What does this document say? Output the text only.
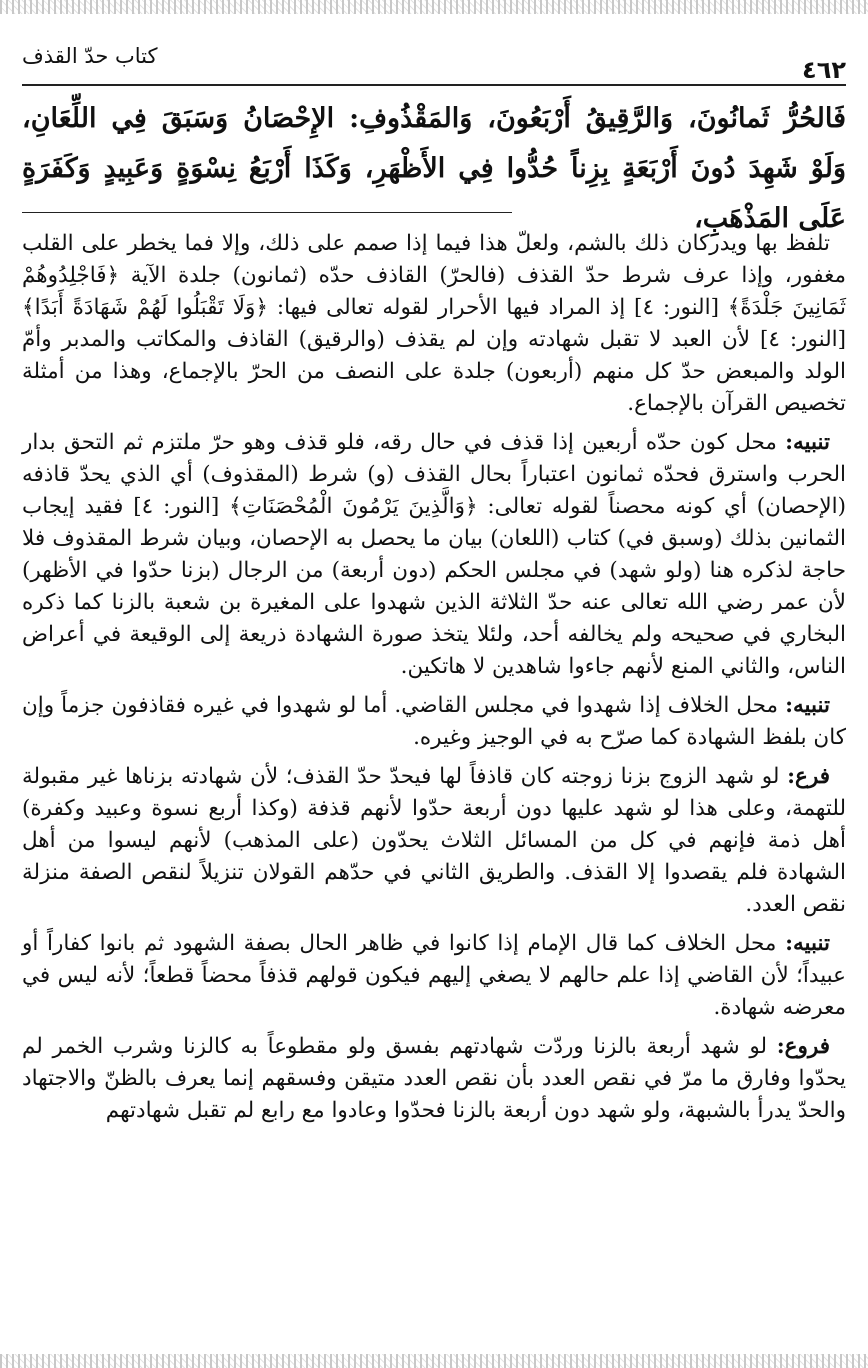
٤٦٢
كتاب حدّ القذف
فَالحُرُّ ثَمانُونَ، وَالرَّقِيقُ أَرْبَعُونَ، وَالمَقْذُوفِ: الإِحْصَانُ وَسَبَقَ فِي اللِّعَانِ، وَلَوْ شَهِدَ دُونَ أَرْبَعَةٍ بِزِناً حُدُّوا فِي الأَظْهَرِ، وَكَذَا أَرْبَعُ نِسْوَةٍ وَعَبِيدٍ وَكَفَرَةٍ عَلَى المَذْهَبِ،

تلفظ بها ويدركان ذلك بالشم، ولعلّ هذا فيما إذا صمم على ذلك، وإلا فما يخطر على القلب مغفور، وإذا عرف شرط حدّ القذف (فالحرّ) القاذف حدّه (ثمانون) جلدة الآية ﴿فَاجْلِدُوهُمْ ثَمَانِينَ جَلْدَةً﴾ [النور: ٤] إذ المراد فيها الأحرار لقوله تعالى فيها: ﴿وَلَا تَقْبَلُوا لَهُمْ شَهَادَةً أَبَدًا﴾ [النور: ٤] لأن العبد لا تقبل شهادته وإن لم يقذف (والرقيق) القاذف والمكاتب والمدبر وأمّ الولد والمبعض حدّ كل منهم (أربعون) جلدة على النصف من الحرّ بالإجماع، وهذا من أمثلة تخصيص القرآن بالإجماع.

تنبيه: محل كون حدّه أربعين إذا قذف في حال رقه، فلو قذف وهو حرّ ملتزم ثم التحق بدار الحرب واسترق فحدّه ثمانون اعتباراً بحال القذف (و) شرط (المقذوف) أي الذي يحدّ قاذفه (الإحصان) أي كونه محصناً لقوله تعالى: ﴿وَالَّذِينَ يَرْمُونَ الْمُحْصَنَاتِ﴾ [النور: ٤] فقيد إيجاب الثمانين بذلك (وسبق في) كتاب (اللعان) بيان ما يحصل به الإحصان، وبيان شرط المقذوف فلا حاجة لذكره هنا (ولو شهد) في مجلس الحكم (دون أربعة) من الرجال (بزنا حدّوا في الأظهر) لأن عمر رضي الله تعالى عنه حدّ الثلاثة الذين شهدوا على المغيرة بن شعبة بالزنا كما ذكره البخاري في صحيحه ولم يخالفه أحد، ولئلا يتخذ صورة الشهادة ذريعة إلى الوقيعة في أعراض الناس، والثاني المنع لأنهم جاءوا شاهدين لا هاتكين.

تنبيه: محل الخلاف إذا شهدوا في مجلس القاضي. أما لو شهدوا في غيره فقاذفون جزماً وإن كان بلفظ الشهادة كما صرّح به في الوجيز وغيره.

فرع: لو شهد الزوج بزنا زوجته كان قاذفاً لها فيحدّ حدّ القذف؛ لأن شهادته بزناها غير مقبولة للتهمة، وعلى هذا لو شهد عليها دون أربعة حدّوا لأنهم قذفة (وكذا أربع نسوة وعبيد وكفرة) أهل ذمة فإنهم في كل من المسائل الثلاث يحدّون (على المذهب) لأنهم ليسوا من أهل الشهادة فلم يقصدوا إلا القذف. والطريق الثاني في حدّهم القولان تنزيلاً لنقص الصفة منزلة نقص العدد.

تنبيه: محل الخلاف كما قال الإمام إذا كانوا في ظاهر الحال بصفة الشهود ثم بانوا كفاراً أو عبيداً؛ لأن القاضي إذا علم حالهم لا يصغي إليهم فيكون قولهم قذفاً محضاً قطعاً؛ لأنه ليس في معرضه شهادة.

فروع: لو شهد أربعة بالزنا وردّت شهادتهم بفسق ولو مقطوعاً به كالزنا وشرب الخمر لم يحدّوا وفارق ما مرّ في نقص العدد بأن نقص العدد متيقن وفسقهم إنما يعرف بالظنّ والاجتهاد والحدّ يدرأ بالشبهة، ولو شهد دون أربعة بالزنا فحدّوا وعادوا مع رابع لم تقبل شهادتهم
